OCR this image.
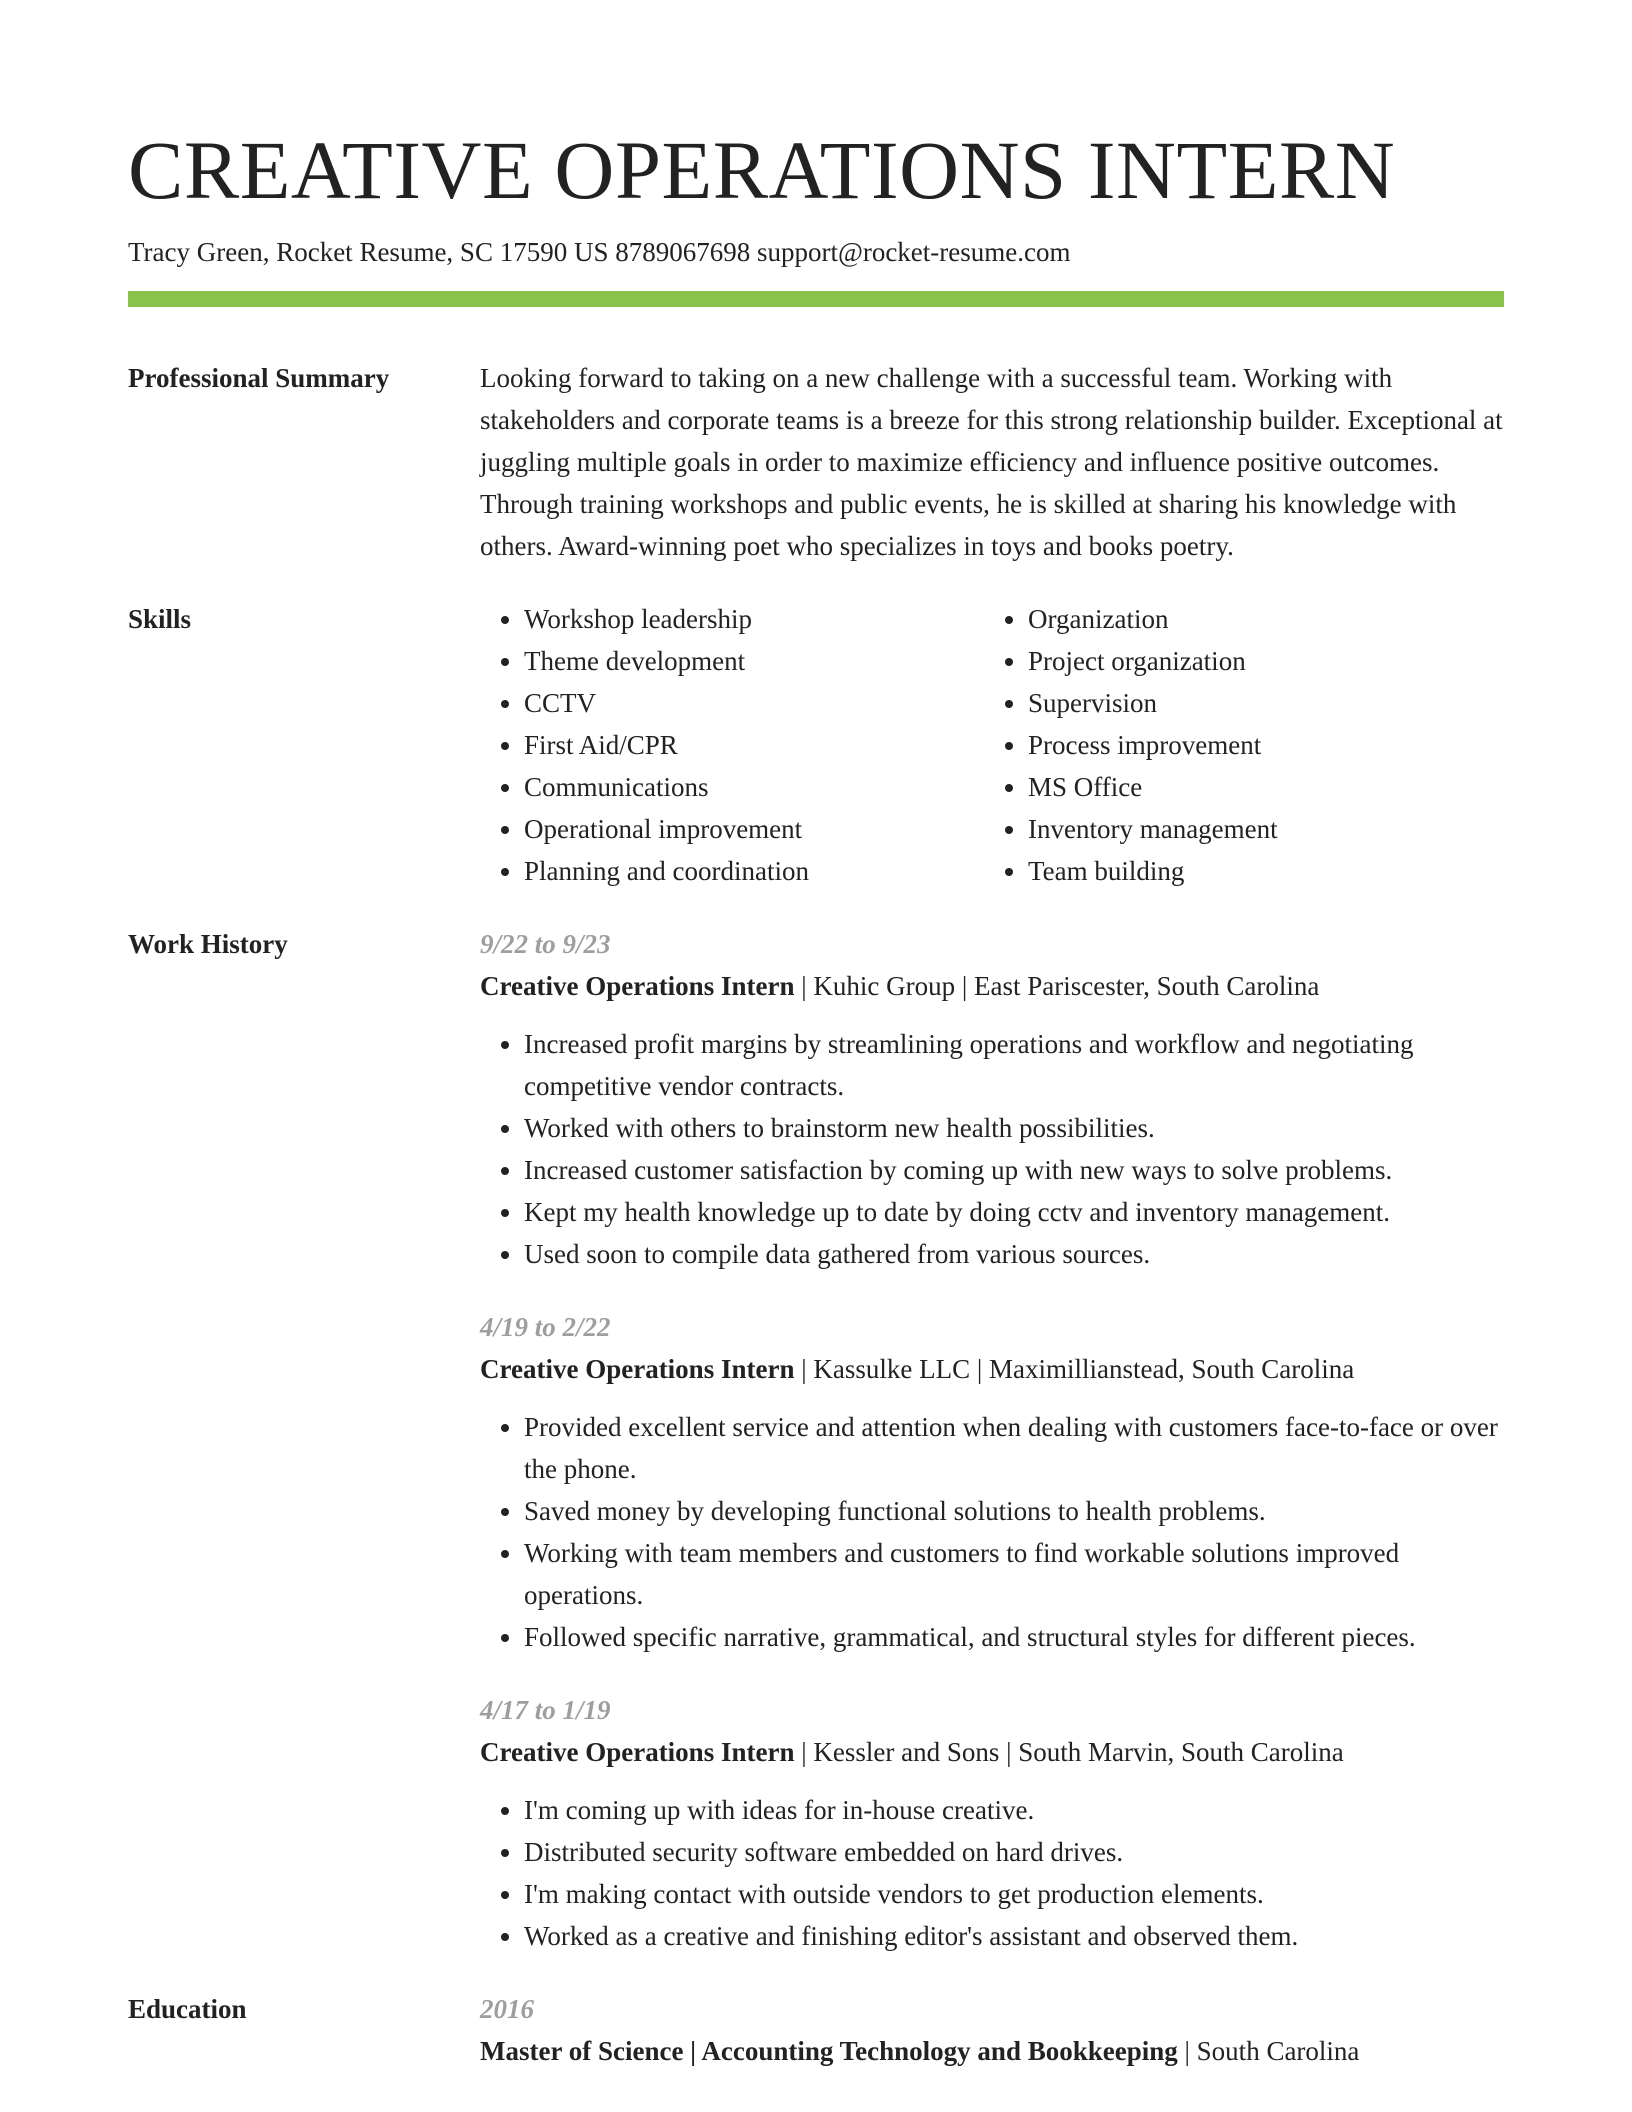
CREATIVE OPERATIONS INTERN
Tracy Green, Rocket Resume, SC 17590 US 8789067698 support@rocket-resume.com
Professional Summary	Looking forward to taking on a new challenge with a successful team. Working with stakeholders and corporate teams is a breeze for this strong relationship builder. Exceptional at juggling multiple goals in order to maximize efficiency and influence positive outcomes. Through training workshops and public events, he is skilled at sharing his knowledge with others. Award-winning poet who specializes in toys and books poetry.
Skills
•	Workshop leadership
• Theme development
• CCTV
• First Aid/CPR
• Communications
• Operational improvement
• Planning and coordination
• Organization
• Project organization
• Supervision
• Process improvement
• MS Office
• Inventory management
• Team building
Work History	9/22 to 9/23
Creative Operations Intern | Kuhic Group | East Pariscester, South Carolina
• Increased profit margins by streamlining operations and workflow and negotiating competitive vendor contracts.
• Worked with others to brainstorm new health possibilities.
• Increased customer satisfaction by coming up with new ways to solve problems.
• Kept my health knowledge up to date by doing cctv and inventory management.
• Used soon to compile data gathered from various sources.
4/19 to 2/22
Creative Operations Intern | Kassulke LLC | Maximillianstead, South Carolina
• Provided excellent service and attention when dealing with customers face-to-face or over the phone.
• Saved money by developing functional solutions to health problems.
• Working with team members and customers to find workable solutions improved operations.
• Followed specific narrative, grammatical, and structural styles for different pieces.
4/17 to 1/19
Creative Operations Intern | Kessler and Sons | South Marvin, South Carolina
• I'm coming up with ideas for in-house creative.
• Distributed security software embedded on hard drives.
• I'm making contact with outside vendors to get production elements.
• Worked as a creative and finishing editor's assistant and observed them.
Education	2016
Master of Science | Accounting Technology and Bookkeeping | South Carolina
